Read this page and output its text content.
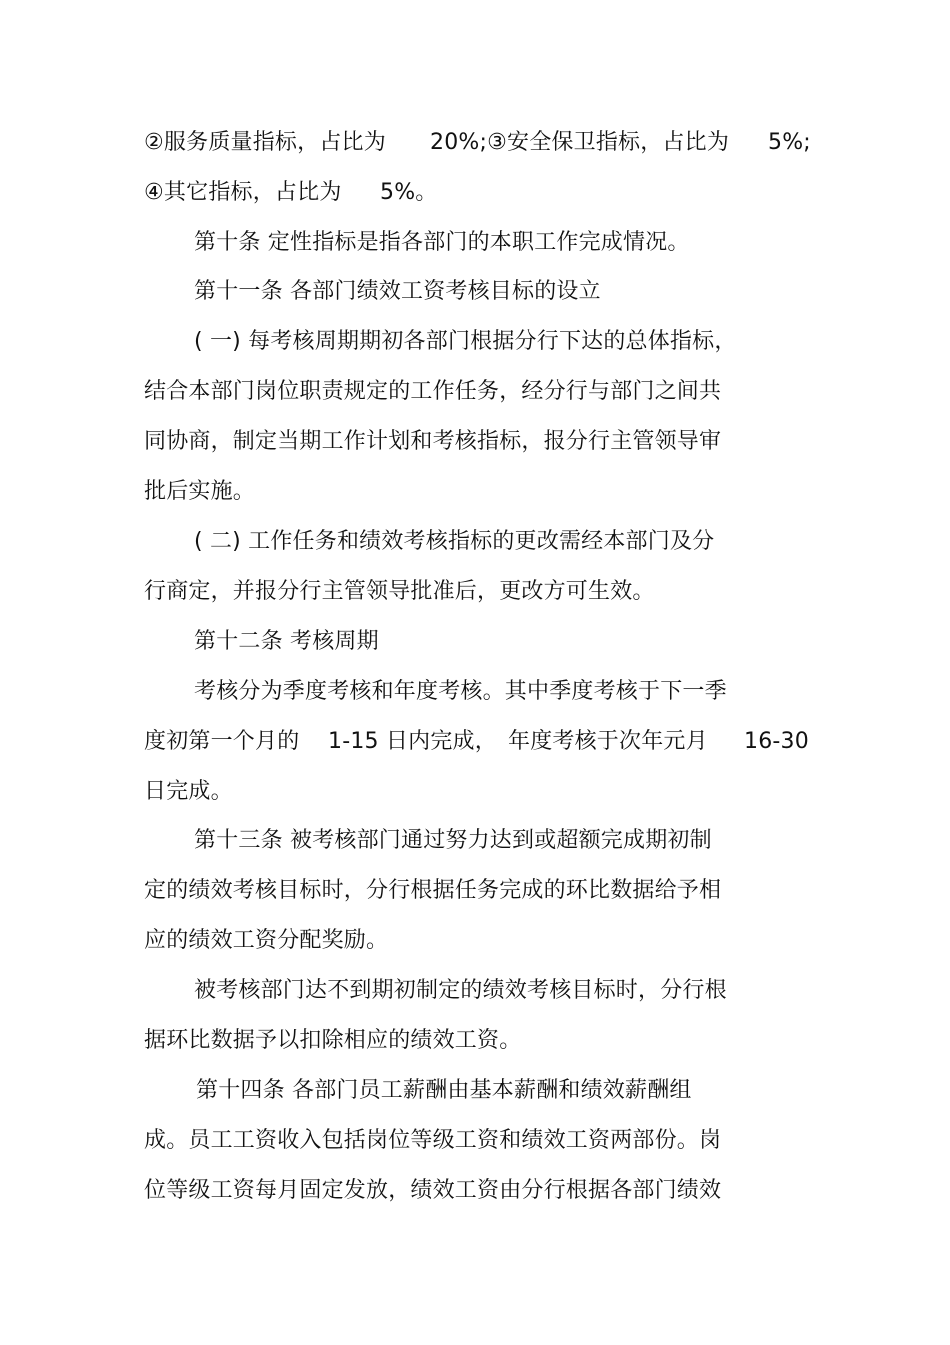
②服务质量指标，占比为 20%;③安全保卫指标，占比为 5%;
④其它指标，占比为 5%。
第十条 定性指标是指各部门的本职工作完成情况。
第十一条 各部门绩效工资考核目标的设立
( 一) 每考核周期期初各部门根据分行下达的总体指标，
结合本部门岗位职责规定的工作任务，经分行与部门之间共
同协商，制定当期工作计划和考核指标，报分行主管领导审
批后实施。
( 二) 工作任务和绩效考核指标的更改需经本部门及分
行商定，并报分行主管领导批准后，更改方可生效。
第十二条 考核周期
考核分为季度考核和年度考核。其中季度考核于下一季
度初第一个月的 1-15 日内完成， 年度考核于次年元月 16-30
日完成。
第十三条 被考核部门通过努力达到或超额完成期初制
定的绩效考核目标时，分行根据任务完成的环比数据给予相
应的绩效工资分配奖励。
被考核部门达不到期初制定的绩效考核目标时，分行根
据环比数据予以扣除相应的绩效工资。
第十四条 各部门员工薪酬由基本薪酬和绩效薪酬组
成。员工工资收入包括岗位等级工资和绩效工资两部份。岗
位等级工资每月固定发放，绩效工资由分行根据各部门绩效
